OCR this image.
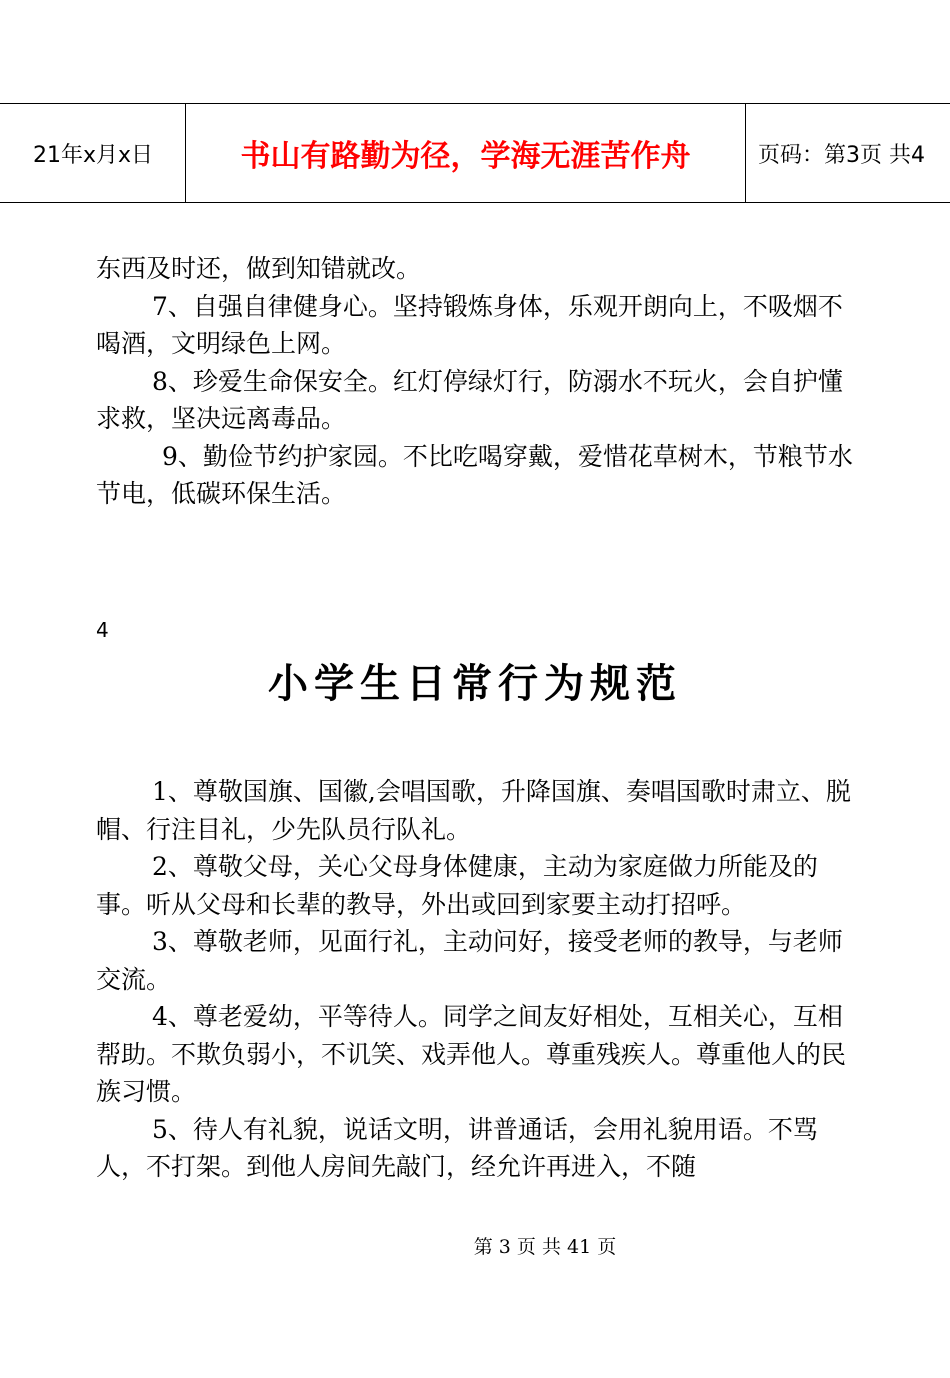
21年x月x日	书山有路勤为径，学海无涯苦作舟	页码：第3页 共4

东西及时还，做到知错就改。

7、自强自律健身心。坚持锻炼身体，乐观开朗向上，不吸烟不喝酒，文明绿色上网。

8、珍爱生命保安全。红灯停绿灯行，防溺水不玩火，会自护懂求救，坚决远离毒品。

9、勤俭节约护家园。不比吃喝穿戴，爱惜花草树木，节粮节水节电，低碳环保生活。

4
小学生日常行为规范

1、尊敬国旗、国徽,会唱国歌，升降国旗、奏唱国歌时肃立、脱帽、行注目礼，少先队员行队礼。

2、尊敬父母，关心父母身体健康，主动为家庭做力所能及的事。听从父母和长辈的教导，外出或回到家要主动打招呼。

3、尊敬老师，见面行礼，主动问好，接受老师的教导，与老师交流。

4、尊老爱幼，平等待人。同学之间友好相处，互相关心，互相帮助。不欺负弱小，不讥笑、戏弄他人。尊重残疾人。尊重他人的民族习惯。

5、待人有礼貌，说话文明，讲普通话，会用礼貌用语。不骂人，不打架。到他人房间先敲门，经允许再进入，不随

第 3 页 共 41 页
